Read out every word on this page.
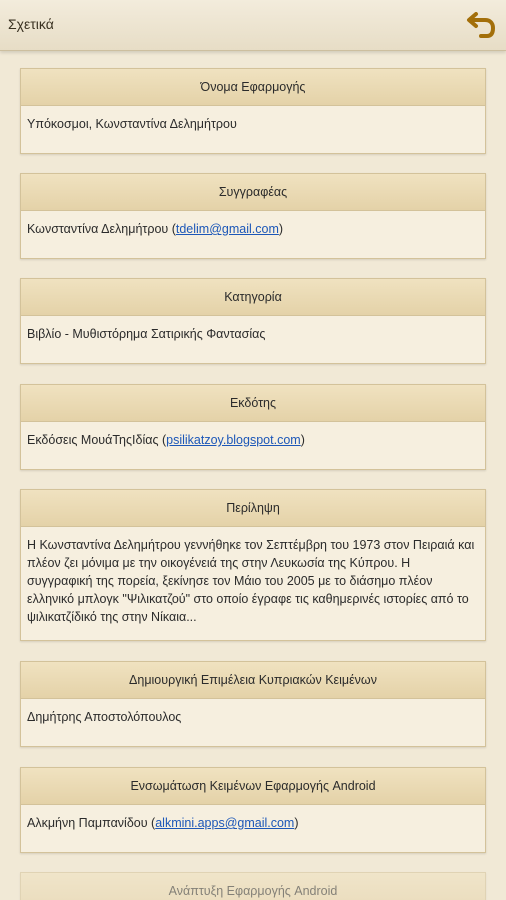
Σχετικά
Όνομα Εφαρμογής
Υπόκοσμοι, Κωνσταντίνα Δελημήτρου
Συγγραφέας
Κωνσταντίνα Δελημήτρου (tdelim@gmail.com)
Κατηγορία
Βιβλίο - Μυθιστόρημα Σατιρικής Φαντασίας
Εκδότης
Εκδόσεις ΜουάΤηςΙδίας (psilikatzoy.blogspot.com)
Περίληψη
Η Κωνσταντίνα Δελημήτρου γεννήθηκε τον Σεπτέμβρη του 1973 στον Πειραιά και πλέον ζει μόνιμα με την οικογένειά της στην Λευκωσία της Κύπρου. Η συγγραφική της πορεία, ξεκίνησε τον Μάιο του 2005 με το διάσημο πλέον ελληνικό μπλογκ "Ψιλικατζού" στο οποίο έγραφε τις καθημερινές ιστορίες από το ψιλικατζίδικό της στην Νίκαια...
Δημιουργική Επιμέλεια Κυπριακών Κειμένων
Δημήτρης Αποστολόπουλος
Ενσωμάτωση Κειμένων Εφαρμογής Android
Αλκμήνη Παμπανίδου (alkmini.apps@gmail.com)
Ανάπτυξη Εφαρμογής Android
